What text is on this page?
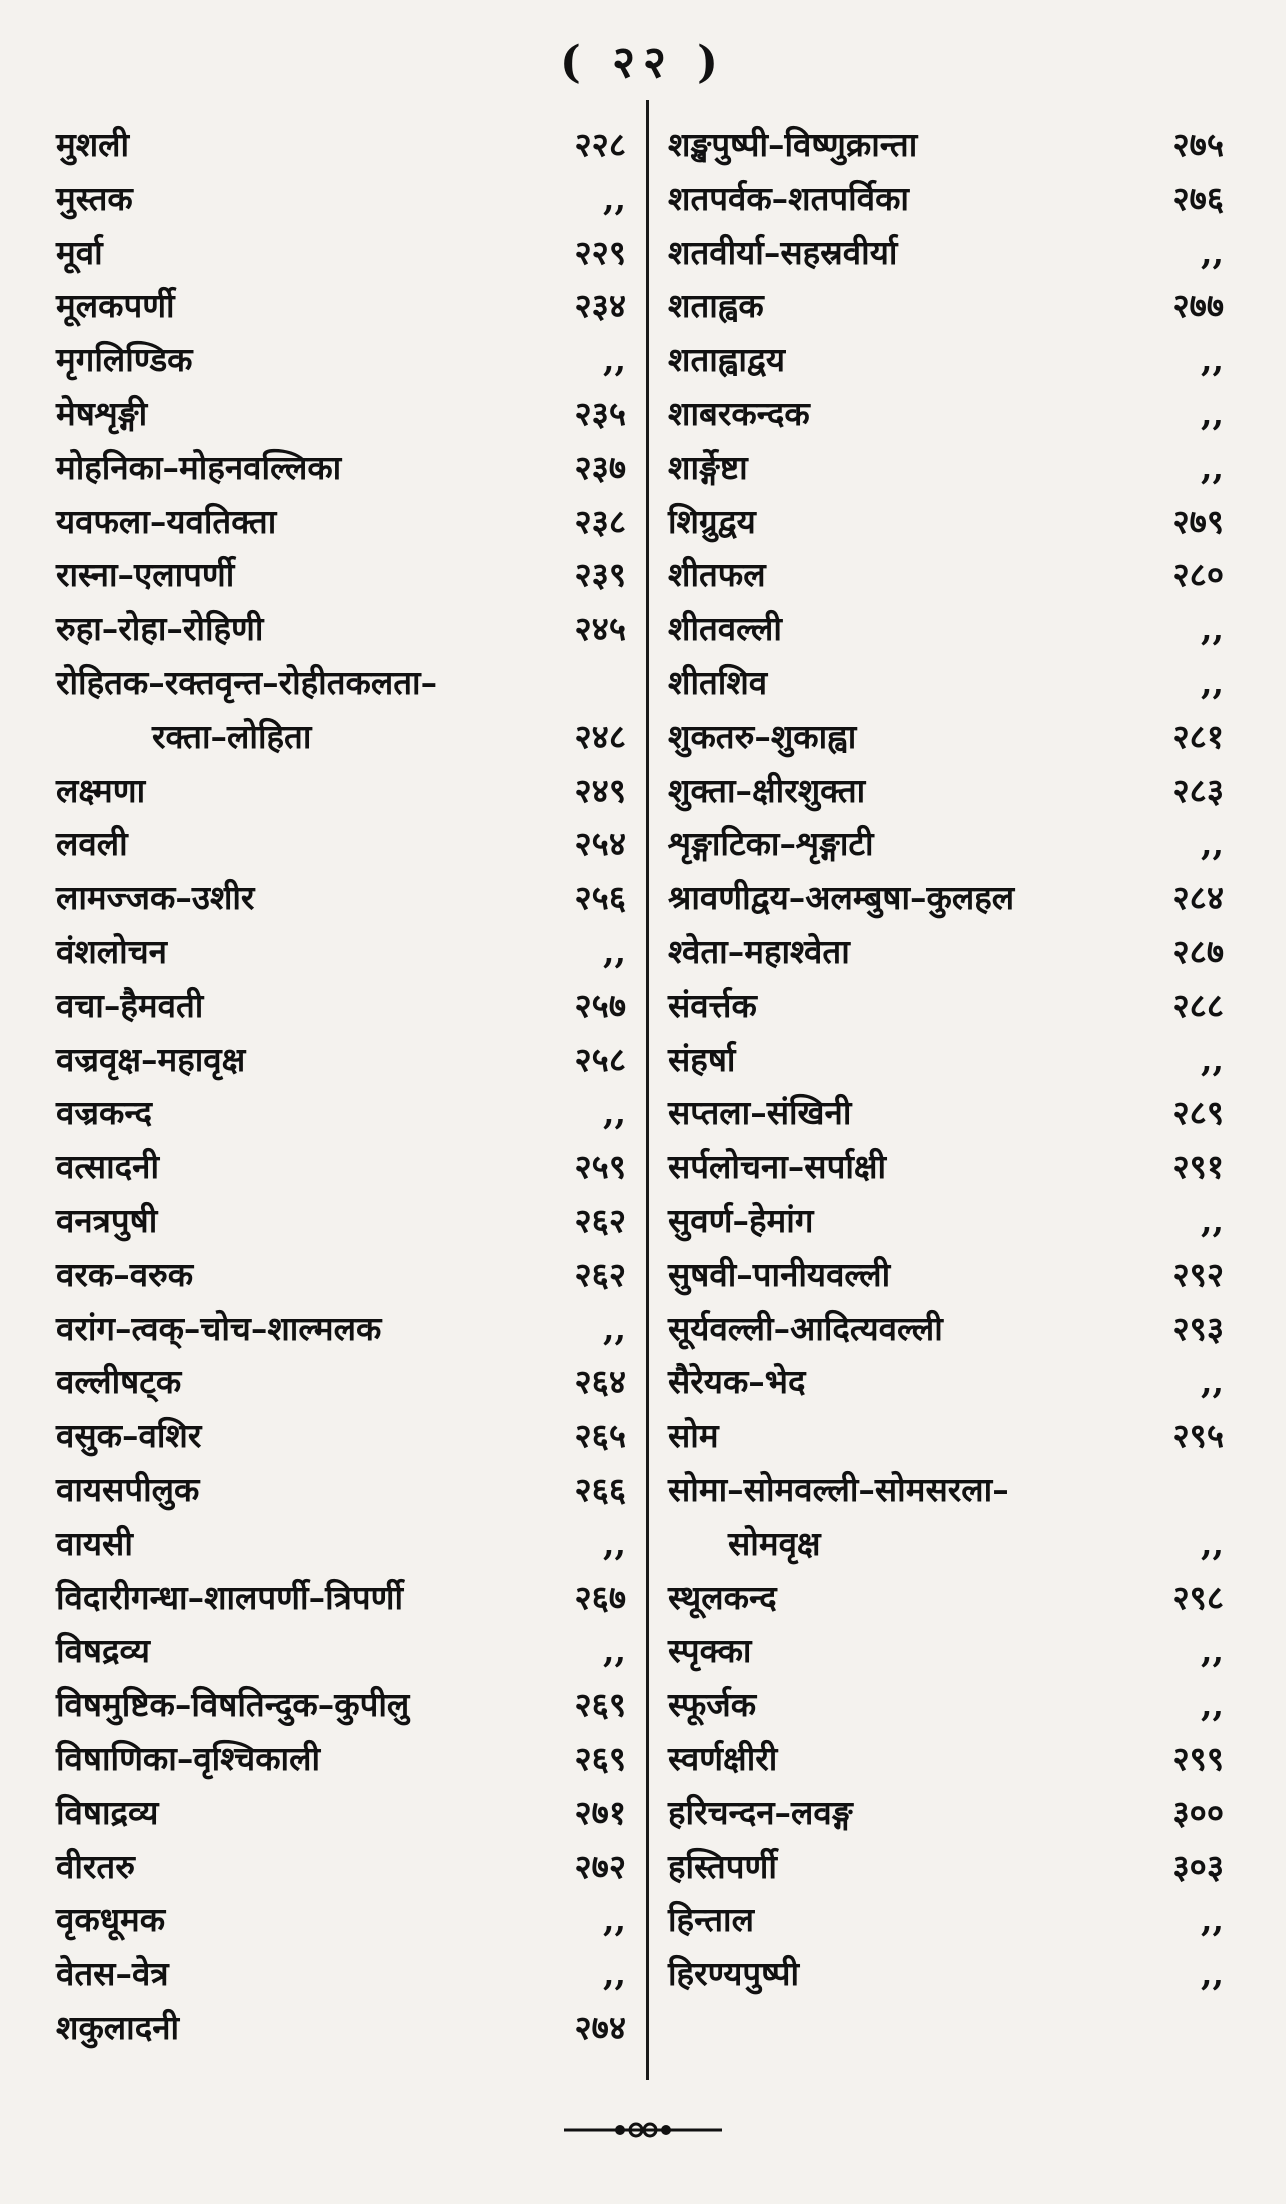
( २२ )
मुशली	२२८
मुस्तक	,,
मूर्वा	२२९
मूलकपर्णी	२३४
मृगलिण्डिक	,,
मेषशृङ्गी	२३५
मोहनिका–मोहनवल्लिका	२३७
यवफला–यवतिक्ता	२३८
रास्ना–एलापर्णी	२३९
रुहा–रोहा–रोहिणी	२४५
रोहितक–रक्तवृन्त–रोहीतकलता–
रक्ता–लोहिता	२४८
लक्ष्मणा	२४९
लवली	२५४
लामज्जक–उशीर	२५६
वंशलोचन	,,
वचा–हैमवती	२५७
वज्रवृक्ष–महावृक्ष	२५८
वज्रकन्द	,,
वत्सादनी	२५९
वनत्रपुषी	२६२
वरक–वरुक	२६२
वरांग–त्वक्–चोच–शाल्मलक	,,
वल्लीषट्क	२६४
वसुक–वशिर	२६५
वायसपीलुक	२६६
वायसी	,,
विदारीगन्धा–शालपर्णी–त्रिपर्णी	२६७
विषद्रव्य	,,
विषमुष्टिक–विषतिन्दुक–कुपीलु	२६९
विषाणिका–वृश्चिकाली	२६९
विषाद्रव्य	२७१
वीरतरु	२७२
वृकधूमक	,,
वेतस–वेत्र	,,
शकुलादनी	२७४
शङ्खपुष्पी–विष्णुक्रान्ता	२७५
शतपर्वक–शतपर्विका	२७६
शतवीर्या–सहस्रवीर्या	,,
शताह्वक	२७७
शताह्वाद्वय	,,
शाबरकन्दक	,,
शार्ङ्गेष्टा	,,
शिग्रुद्वय	२७९
शीतफल	२८०
शीतवल्ली	,,
शीतशिव	,,
शुकतरु–शुकाह्वा	२८१
शुक्ता–क्षीरशुक्ता	२८३
शृङ्गाटिका–शृङ्गाटी	,,
श्रावणीद्वय–अलम्बुषा–कुलहल	२८४
श्वेता–महाश्वेता	२८७
संवर्त्तक	२८८
संहर्षा	,,
सप्तला–संखिनी	२८९
सर्पलोचना–सर्पाक्षी	२९१
सुवर्ण–हेमांग	,,
सुषवी–पानीयवल्ली	२९२
सूर्यवल्ली–आदित्यवल्ली	२९३
सैरेयक–भेद	,,
सोम	२९५
सोमा–सोमवल्ली–सोमसरला–
सोमवृक्ष	,,
स्थूलकन्द	२९८
स्पृक्का	,,
स्फूर्जक	,,
स्वर्णक्षीरी	२९९
हरिचन्दन–लवङ्ग	३००
हस्तिपर्णी	३०३
हिन्ताल	,,
हिरण्यपुष्पी	,,
